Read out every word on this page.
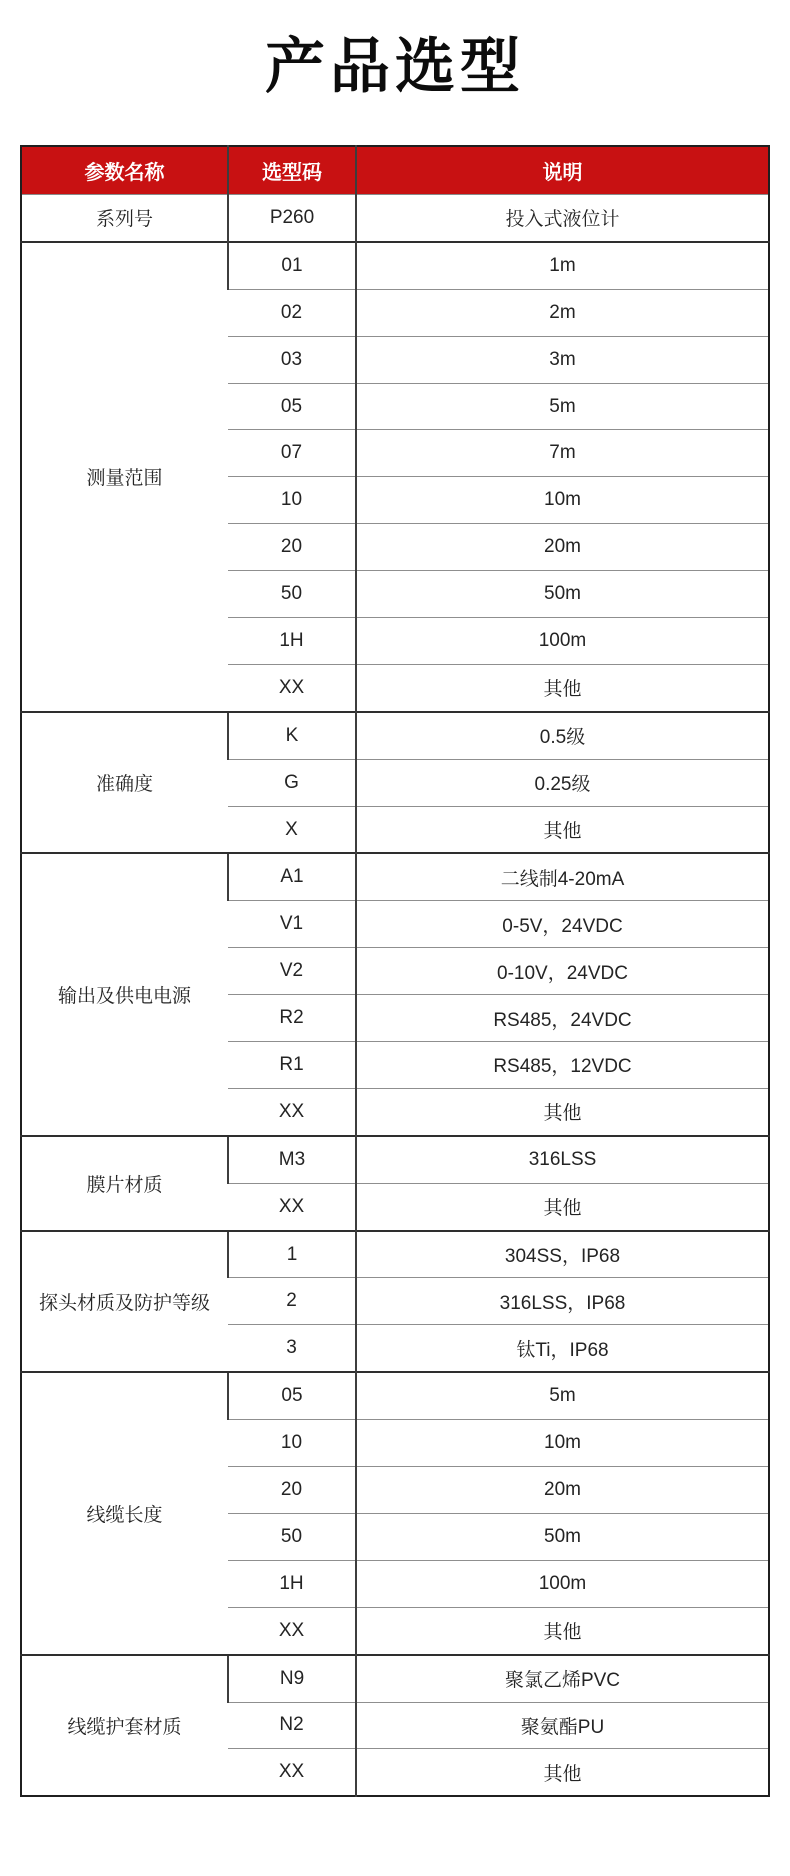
产品选型
参数名称	选型码	说明
系列号	P260	投入式液位计
测量范围	01	1m
	02	2m
	03	3m
	05	5m
	07	7m
	10	10m
	20	20m
	50	50m
	1H	100m
	XX	其他
准确度	K	0.5级
	G	0.25级
	X	其他
输出及供电电源	A1	二线制4-20mA
	V1	0-5V，24VDC
	V2	0-10V，24VDC
	R2	RS485，24VDC
	R1	RS485，12VDC
	XX	其他
膜片材质	M3	316LSS
	XX	其他
探头材质及防护等级	1	304SS，IP68
	2	316LSS，IP68
	3	钛Ti，IP68
线缆长度	05	5m
	10	10m
	20	20m
	50	50m
	1H	100m
	XX	其他
线缆护套材质	N9	聚氯乙烯PVC
	N2	聚氨酯PU
	XX	其他
